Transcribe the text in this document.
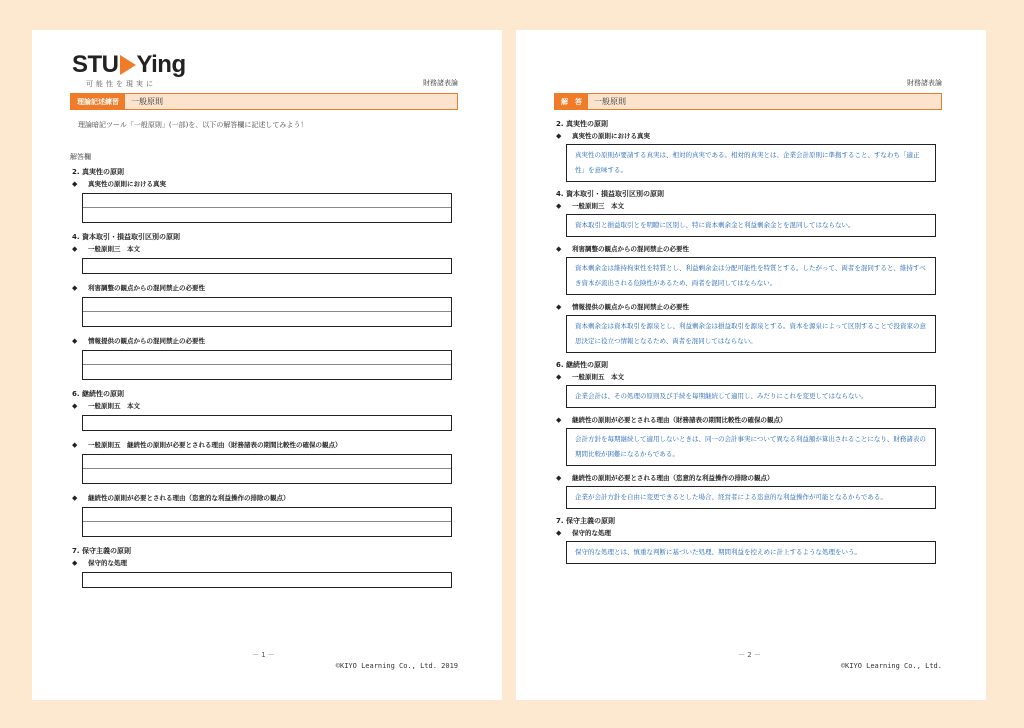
STU Ying
可能性を現実に	財務諸表論
理論記述練習	一般原則
理論暗記ツール「一般原則」(一部)を、以下の解答欄に記述してみよう！
解答欄
2. 真実性の原則
◆ 真実性の原則における真実
4. 資本取引・損益取引区別の原則
◆ 一般原則三　本文
◆ 利害調整の観点からの混同禁止の必要性
◆ 情報提供の観点からの混同禁止の必要性
6. 継続性の原則
◆ 一般原則五　本文
◆ 一般原則五　継続性の原則が必要とされる理由（財務諸表の期間比較性の確保の観点）
◆ 継続性の原則が必要とされる理由（恣意的な利益操作の排除の観点）
7. 保守主義の原則
◆ 保守的な処理
－ 1 －
©KIYO Learning Co., Ltd. 2019
財務諸表論
解　答	一般原則
2. 真実性の原則
◆ 真実性の原則における真実
真実性の原則が要請する真実は、相対的真実である。相対的真実とは、企業会計原則に準拠すること、すなわち「適正性」を意味する。
4. 資本取引・損益取引区別の原則
◆ 一般原則三　本文
資本取引と損益取引とを明瞭に区別し、特に資本剰余金と利益剰余金とを混同してはならない。
◆ 利害調整の観点からの混同禁止の必要性
資本剰余金は維持拘束性を特質とし、利益剰余金は分配可能性を特質とする。したがって、両者を混同すると、維持すべき資本が流出される危険性があるため、両者を混同してはならない。
◆ 情報提供の観点からの混同禁止の必要性
資本剰余金は資本取引を源泉とし、利益剰余金は損益取引を源泉とする。資本を源泉によって区別することで投資家の意思決定に役立つ情報となるため、両者を混同してはならない。
6. 継続性の原則
◆ 一般原則五　本文
企業会計は、その処理の原則及び手続を毎期継続して適用し、みだりにこれを変更してはならない。
◆ 継続性の原則が必要とされる理由（財務諸表の期間比較性の確保の観点）
会計方針を毎期継続して適用しないときは、同一の会計事実について異なる利益額が算出されることになり、財務諸表の期間比較が困難になるからである。
◆ 継続性の原則が必要とされる理由（恣意的な利益操作の排除の観点）
企業が会計方針を自由に変更できるとした場合、経営者による恣意的な利益操作が可能となるからである。
7. 保守主義の原則
◆ 保守的な処理
保守的な処理とは、慎重な判断に基づいた処理、期間利益を控えめに計上するような処理をいう。
－ 2 －
©KIYO Learning Co., Ltd.
